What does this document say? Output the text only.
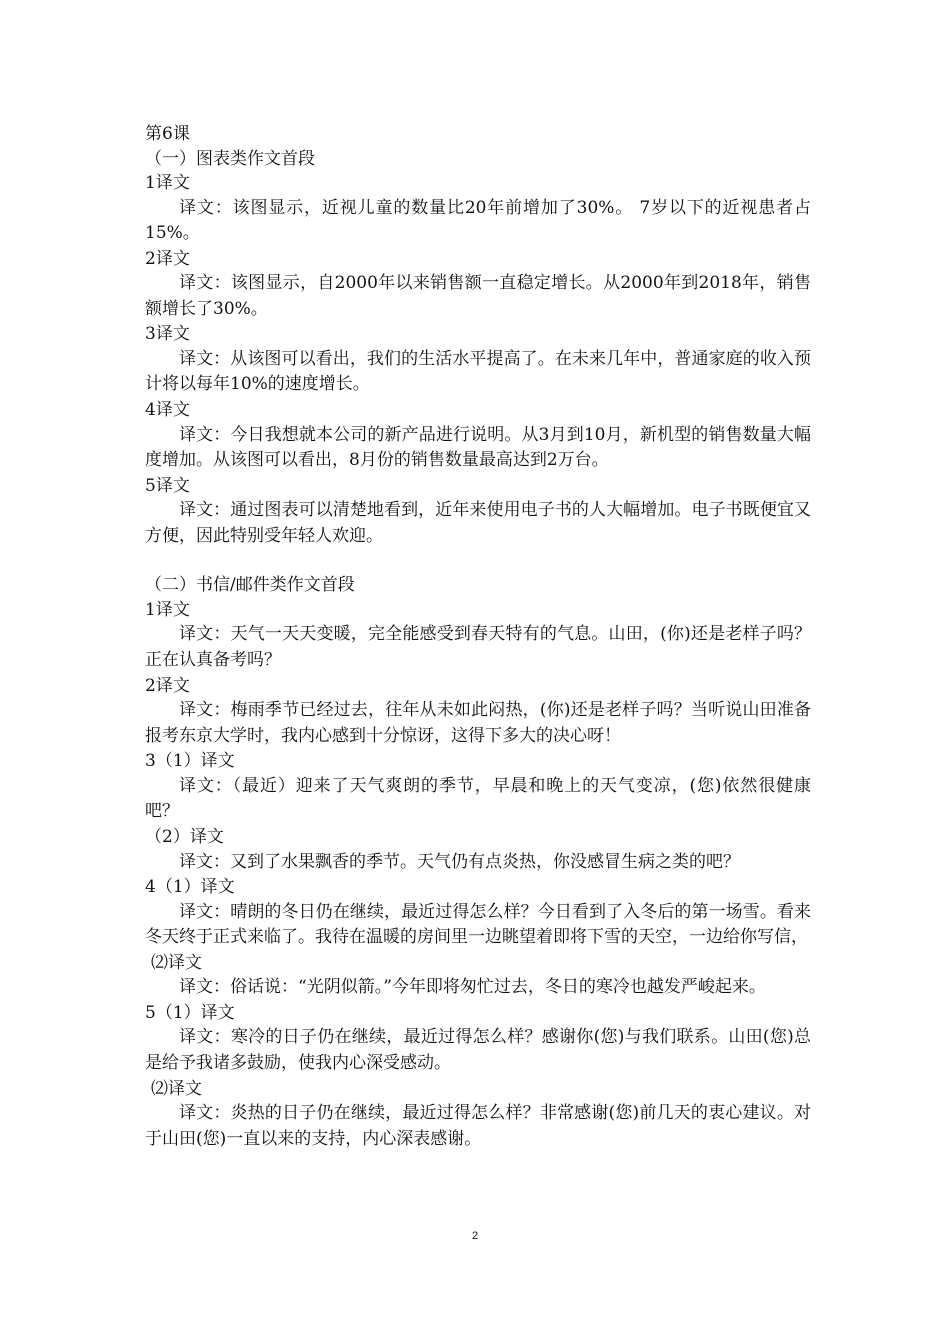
第6课

（一）图表类作文首段

1译文

译文：该图显示，近视儿童的数量比20年前增加了30%。 7岁以下的近视患者占15%。

2译文

译文：该图显示，自2000年以来销售额一直稳定增长。从2000年到2018年，销售额增长了30%。

3译文

译文：从该图可以看出，我们的生活水平提高了。在未来几年中，普通家庭的收入预计将以每年10%的速度增长。

4译文

译文：今日我想就本公司的新产品进行说明。从3月到10月，新机型的销售数量大幅度增加。从该图可以看出，8月份的销售数量最高达到2万台。

5译文

译文：通过图表可以清楚地看到，近年来使用电子书的人大幅增加。电子书既便宜又方便，因此特别受年轻人欢迎。

（二）书信/邮件类作文首段

1译文

译文：天气一天天变暖，完全能感受到春天特有的气息。山田，(你)还是老样子吗？正在认真备考吗？

2译文

译文：梅雨季节已经过去，往年从未如此闷热，(你)还是老样子吗？当听说山田准备报考东京大学时，我内心感到十分惊讶，这得下多大的决心呀！

3（1）译文

译文：（最近）迎来了天气爽朗的季节，早晨和晚上的天气变凉，(您)依然很健康吧？

（2）译文

译文：又到了水果飘香的季节。天气仍有点炎热，你没感冒生病之类的吧？

4（1）译文

译文：晴朗的冬日仍在继续，最近过得怎么样？今日看到了入冬后的第一场雪。看来冬天终于正式来临了。我待在温暖的房间里一边眺望着即将下雪的天空，一边给你写信，

⑵译文

译文：俗话说：“光阴似箭。”今年即将匆忙过去，冬日的寒冷也越发严峻起来。

5（1）译文

译文：寒冷的日子仍在继续，最近过得怎么样？感谢你(您)与我们联系。山田(您)总是给予我诸多鼓励，使我内心深受感动。

⑵译文

译文：炎热的日子仍在继续，最近过得怎么样？非常感谢(您)前几天的衷心建议。对于山田(您)一直以来的支持，内心深表感谢。

2
